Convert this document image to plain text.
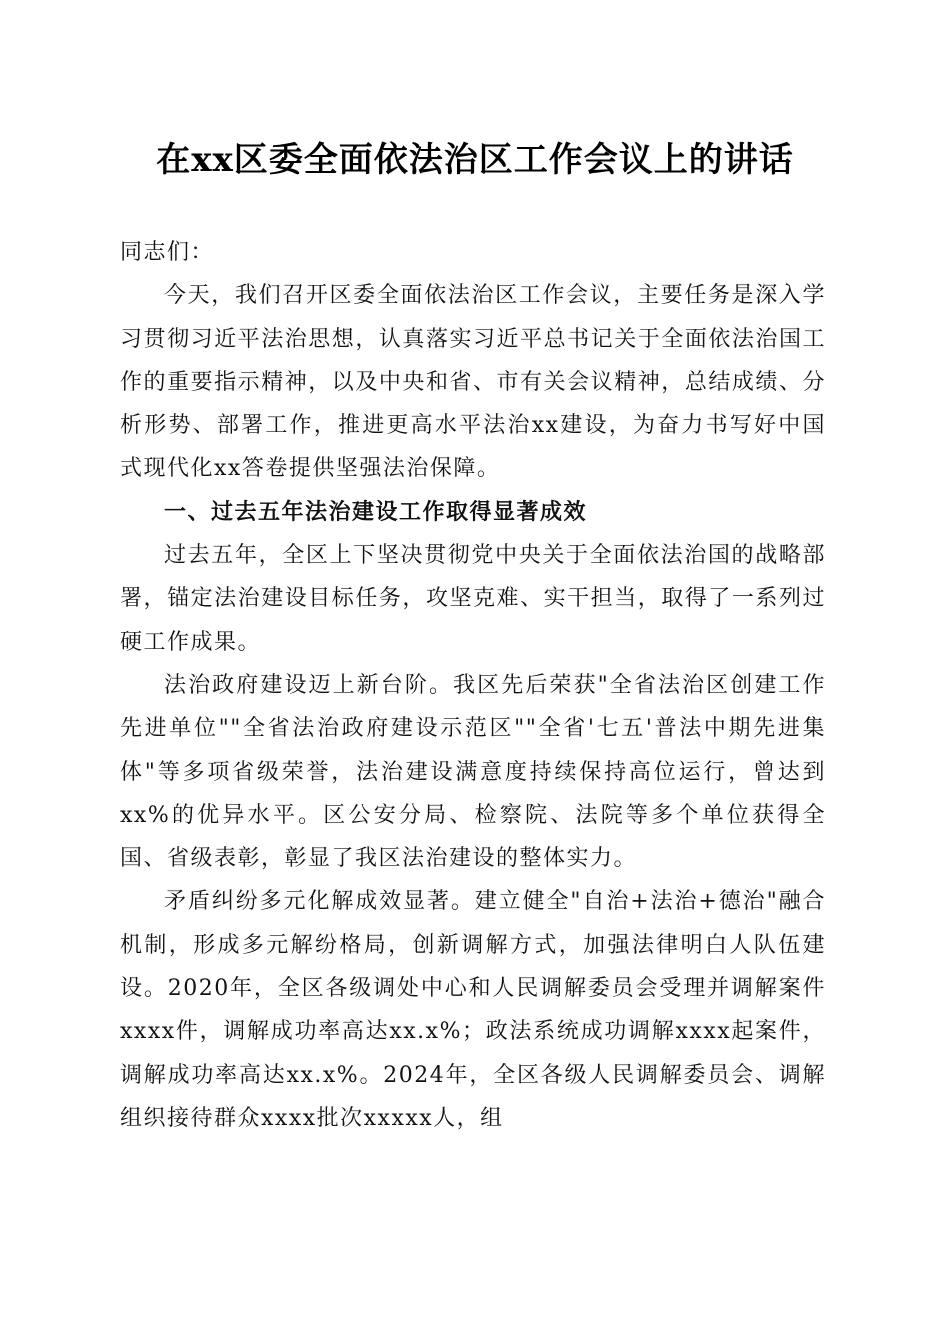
在xx区委全面依法治区工作会议上的讲话

同志们：

今天，我们召开区委全面依法治区工作会议，主要任务是深入学习贯彻习近平法治思想，认真落实习近平总书记关于全面依法治国工作的重要指示精神，以及中央和省、市有关会议精神，总结成绩、分析形势、部署工作，推进更高水平法治xx建设，为奋力书写好中国式现代化xx答卷提供坚强法治保障。

一、过去五年法治建设工作取得显著成效

过去五年，全区上下坚决贯彻党中央关于全面依法治国的战略部署，锚定法治建设目标任务，攻坚克难、实干担当，取得了一系列过硬工作成果。

法治政府建设迈上新台阶。我区先后荣获"全省法治区创建工作先进单位""全省法治政府建设示范区""全省'七五'普法中期先进集体"等多项省级荣誉，法治建设满意度持续保持高位运行，曾达到xx%的优异水平。区公安分局、检察院、法院等多个单位获得全国、省级表彰，彰显了我区法治建设的整体实力。

矛盾纠纷多元化解成效显著。建立健全"自治+法治+德治"融合机制，形成多元解纷格局，创新调解方式，加强法律明白人队伍建设。2020年，全区各级调处中心和人民调解委员会受理并调解案件xxxx件，调解成功率高达xx.x%；政法系统成功调解xxxx起案件，调解成功率高达xx.x%。2024年，全区各级人民调解委员会、调解组织接待群众xxxx批次xxxxx人，组
